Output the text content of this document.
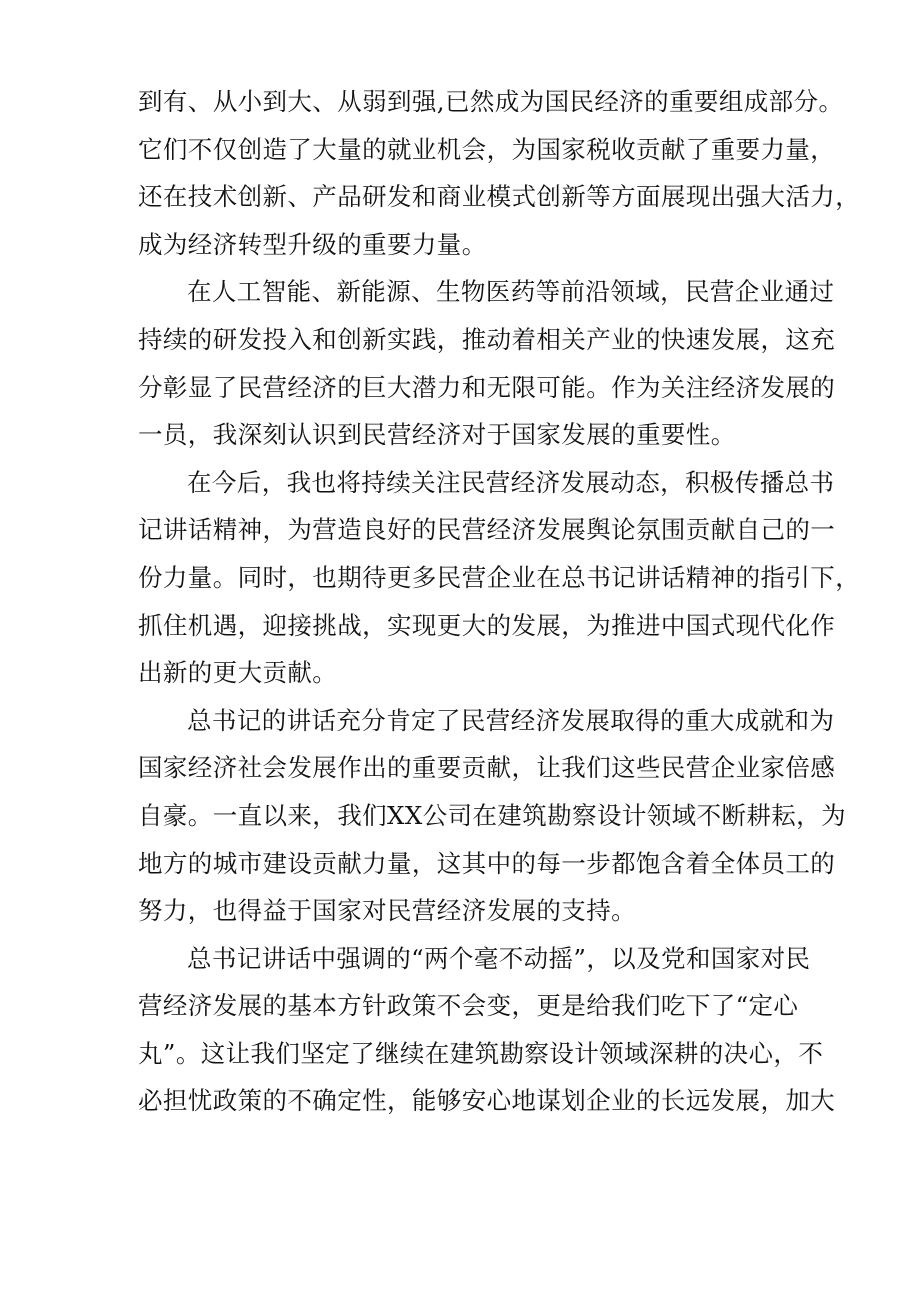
到有、从小到大、从弱到强,已然成为国民经济的重要组成部分。
它们不仅创造了大量的就业机会，为国家税收贡献了重要力量，
还在技术创新、产品研发和商业模式创新等方面展现出强大活力，
成为经济转型升级的重要力量。
在人工智能、新能源、生物医药等前沿领域，民营企业通过
持续的研发投入和创新实践，推动着相关产业的快速发展，这充
分彰显了民营经济的巨大潜力和无限可能。作为关注经济发展的
一员，我深刻认识到民营经济对于国家发展的重要性。
在今后，我也将持续关注民营经济发展动态，积极传播总书
记讲话精神，为营造良好的民营经济发展舆论氛围贡献自己的一
份力量。同时，也期待更多民营企业在总书记讲话精神的指引下，
抓住机遇，迎接挑战，实现更大的发展，为推进中国式现代化作
出新的更大贡献。
总书记的讲话充分肯定了民营经济发展取得的重大成就和为
国家经济社会发展作出的重要贡献，让我们这些民营企业家倍感
自豪。一直以来，我们XX公司在建筑勘察设计领域不断耕耘，为
地方的城市建设贡献力量，这其中的每一步都饱含着全体员工的
努力，也得益于国家对民营经济发展的支持。
总书记讲话中强调的“两个毫不动摇”，以及党和国家对民
营经济发展的基本方针政策不会变，更是给我们吃下了“定心
丸”。这让我们坚定了继续在建筑勘察设计领域深耕的决心，不
必担忧政策的不确定性，能够安心地谋划企业的长远发展，加大
